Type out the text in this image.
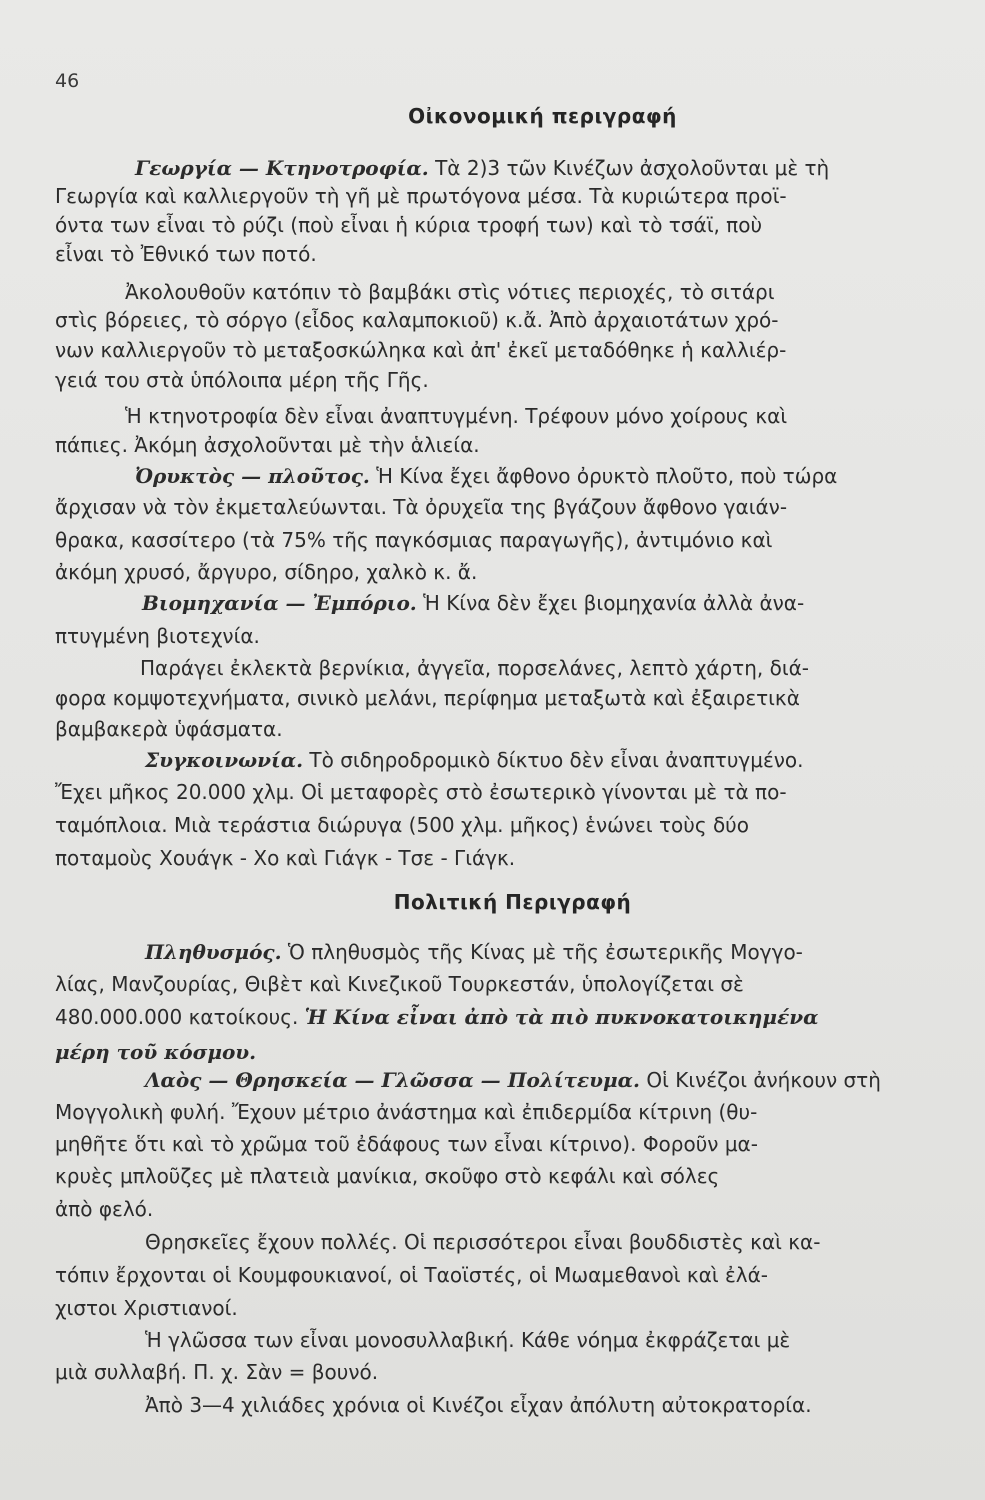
46
Οἰκονομική περιγραφή
Γεωργία — Κτηνοτροφία. Τὰ 2)3 τῶν Κινέζων ἀσχολοῦνται μὲ τὴ
Γεωργία καὶ καλλιεργοῦν τὴ γῆ μὲ πρωτόγονα μέσα. Τὰ κυριώτερα προϊ-
όντα των εἶναι τὸ ρύζι (ποὺ εἶναι ἡ κύρια τροφή των) καὶ τὸ τσάϊ, ποὺ
εἶναι τὸ Ἐθνικό των ποτό.
Ἀκολουθοῦν κατόπιν τὸ βαμβάκι στὶς νότιες περιοχές, τὸ σιτάρι
στὶς βόρειες, τὸ σόργο (εἶδος καλαμποκιοῦ) κ.ἄ. Ἀπὸ ἀρχαιοτάτων χρό-
νων καλλιεργοῦν τὸ μεταξοσκώληκα καὶ ἀπ' ἐκεῖ μεταδόθηκε ἡ καλλιέρ-
γειά του στὰ ὑπόλοιπα μέρη τῆς Γῆς.
Ἡ κτηνοτροφία δὲν εἶναι ἀναπτυγμένη. Τρέφουν μόνο χοίρους καὶ
πάπιες. Ἀκόμη ἀσχολοῦνται μὲ τὴν ἁλιεία.
Ὀρυκτὸς — πλοῦτος. Ἡ Κίνα ἔχει ἄφθονο ὀρυκτὸ πλοῦτο, ποὺ τώρα
ἄρχισαν νὰ τὸν ἐκμεταλεύωνται. Τὰ ὀρυχεῖα της βγάζουν ἄφθονο γαιάν-
θρακα, κασσίτερο (τὰ 75% τῆς παγκόσμιας παραγωγῆς), ἀντιμόνιο καὶ
ἀκόμη χρυσό, ἄργυρο, σίδηρο, χαλκὸ κ. ἄ.
Βιομηχανία — Ἐμπόριο. Ἡ Κίνα δὲν ἔχει βιομηχανία ἀλλὰ ἀνα-
πτυγμένη βιοτεχνία.
Παράγει ἐκλεκτὰ βερνίκια, ἀγγεῖα, πορσελάνες, λεπτὸ χάρτη, διά-
φορα κομψοτεχνήματα, σινικὸ μελάνι, περίφημα μεταξωτὰ καὶ ἐξαιρετικὰ
βαμβακερὰ ὑφάσματα.
Συγκοινωνία. Τὸ σιδηροδρομικὸ δίκτυο δὲν εἶναι ἀναπτυγμένο.
Ἔχει μῆκος 20.000 χλμ. Οἱ μεταφορὲς στὸ ἐσωτερικὸ γίνονται μὲ τὰ πο-
ταμόπλοια. Μιὰ τεράστια διώρυγα (500 χλμ. μῆκος) ἑνώνει τοὺς δύο
ποταμοὺς Χουάγκ - Χο καὶ Γιάγκ - Τσε - Γιάγκ.
Πολιτική Περιγραφή
Πληθυσμός. Ὁ πληθυσμὸς τῆς Κίνας μὲ τῆς ἐσωτερικῆς Μογγο-
λίας, Μανζουρίας, Θιβὲτ καὶ Κινεζικοῦ Τουρκεστάν, ὑπολογίζεται σὲ
480.000.000 κατοίκους. Ἡ Κίνα εἶναι ἀπὸ τὰ πιὸ πυκνοκατοικημένα
μέρη τοῦ κόσμου.
Λαὸς — Θρησκεία — Γλῶσσα — Πολίτευμα. Οἱ Κινέζοι ἀνήκουν στὴ
Μογγολικὴ φυλή. Ἔχουν μέτριο ἀνάστημα καὶ ἐπιδερμίδα κίτρινη (θυ-
μηθῆτε ὅτι καὶ τὸ χρῶμα τοῦ ἐδάφους των εἶναι κίτρινο). Φοροῦν μα-
κρυὲς μπλοῦζες μὲ πλατειὰ μανίκια, σκοῦφο στὸ κεφάλι καὶ σόλες
ἀπὸ φελό.
Θρησκεῖες ἔχουν πολλές. Οἱ περισσότεροι εἶναι βουδδιστὲς καὶ κα-
τόπιν ἔρχονται οἱ Κουμφουκιανοί, οἱ Ταοϊστές, οἱ Μωαμεθανοὶ καὶ ἐλά-
χιστοι Χριστιανοί.
Ἡ γλῶσσα των εἶναι μονοσυλλαβική. Κάθε νόημα ἐκφράζεται μὲ
μιὰ συλλαβή. Π. χ. Σὰν = βουνό.
Ἀπὸ 3—4 χιλιάδες χρόνια οἱ Κινέζοι εἶχαν ἀπόλυτη αὐτοκρατορία.
